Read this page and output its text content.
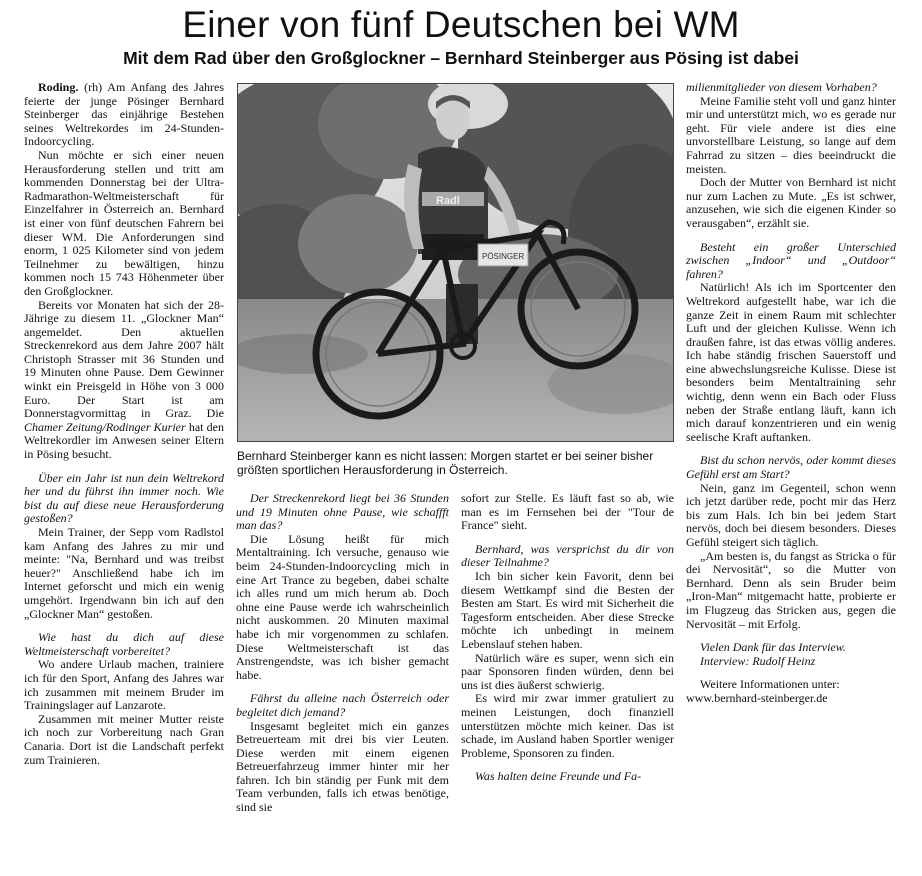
Einer von fünf Deutschen bei WM
Mit dem Rad über den Großglockner – Bernhard Steinberger aus Pösing ist dabei

Roding. (rh) Am Anfang des Jahres feierte der junge Pösinger Bernhard Steinberger das einjährige Bestehen seines Weltrekordes im 24-Stunden-Indoorcycling.

Nun möchte er sich einer neuen Herausforderung stellen und tritt am kommenden Donnerstag bei der Ultra-Radmarathon-Weltmeisterschaft für Einzelfahrer in Österreich an. Bernhard ist einer von fünf deutschen Fahrern bei dieser WM. Die Anforderungen sind enorm, 1 025 Kilometer sind von jedem Teilnehmer zu bewältigen, hinzu kommen noch 15 743 Höhenmeter über den Großglockner.

Bereits vor Monaten hat sich der 28-Jährige zu diesem 11. „Glockner Man“ angemeldet. Den aktuellen Streckenrekord aus dem Jahre 2007 hält Christoph Strasser mit 36 Stunden und 19 Minuten ohne Pause. Dem Gewinner winkt ein Preisgeld in Höhe von 3 000 Euro. Der Start ist am Donnerstagvormittag in Graz. Die Chamer Zeitung/Rodinger Kurier hat den Weltrekordler im Anwesen seiner Eltern in Pösing besucht.

Über ein Jahr ist nun dein Weltrekord her und du führst ihn immer noch. Wie bist du auf diese neue Herausforderung gestoßen?

Mein Trainer, der Sepp vom Radlstol kam Anfang des Jahres zu mir und meinte: "Na, Bernhard und was treibst heuer?" Anschließend habe ich im Internet geforscht und mich ein wenig umgehört. Irgendwann bin ich auf den „Glockner Man“ gestoßen.

Wie hast du dich auf diese Weltmeisterschaft vorbereitet?

Wo andere Urlaub machen, trainiere ich für den Sport, Anfang des Jahres war ich zusammen mit meinem Bruder im Trainingslager auf Lanzarote.

Zusammen mit meiner Mutter reiste ich noch zur Vorbereitung nach Gran Canaria. Dort ist die Landschaft perfekt zum Trainieren.

Radl
PÖSINGER
Bernhard Steinberger kann es nicht lassen: Morgen startet er bei seiner bisher größten sportlichen Herausforderung in Österreich.

Der Streckenrekord liegt bei 36 Stunden und 19 Minuten ohne Pause, wie schaffft man das?

Die Lösung heißt für mich Mentaltraining. Ich versuche, genauso wie beim 24-Stunden-Indoorcycling mich in eine Art Trance zu begeben, dabei schalte ich alles rund um mich herum ab. Doch ohne eine Pause werde ich wahrscheinlich nicht auskommen. 20 Minuten maximal habe ich mir vorgenommen zu schlafen. Diese Weltmeisterschaft ist das Anstrengendste, was ich bisher gemacht habe.

Fährst du alleine nach Österreich oder begleitet dich jemand?

Insgesamt begleitet mich ein ganzes Betreuerteam mit drei bis vier Leuten. Diese werden mit einem eigenen Betreuerfahrzeug immer hinter mir her fahren. Ich bin ständig per Funk mit dem Team verbunden, falls ich etwas benötige, sind sie

sofort zur Stelle. Es läuft fast so ab, wie man es im Fernsehen bei der "Tour de France" sieht.

Bernhard, was versprichst du dir von dieser Teilnahme?

Ich bin sicher kein Favorit, denn bei diesem Wettkampf sind die Besten der Besten am Start. Es wird mit Sicherheit die Tagesform entscheiden. Aber diese Strecke möchte ich unbedingt in meinem Lebenslauf stehen haben.

Natürlich wäre es super, wenn sich ein paar Sponsoren finden würden, denn bei uns ist dies äußerst schwierig.

Es wird mir zwar immer gratuliert zu meinen Leistungen, doch finanziell unterstützen möchte mich keiner. Das ist schade, im Ausland haben Sportler weniger Probleme, Sponsoren zu finden.

Was halten deine Freunde und Fa-

milienmitglieder von diesem Vorhaben?

Meine Familie steht voll und ganz hinter mir und unterstützt mich, wo es gerade nur geht. Für viele andere ist dies eine unvorstellbare Leistung, so lange auf dem Fahrrad zu sitzen – dies beeindruckt die meisten.

Doch der Mutter von Bernhard ist nicht nur zum Lachen zu Mute. „Es ist schwer, anzusehen, wie sich die eigenen Kinder so verausgaben“, erzählt sie.

Besteht ein großer Unterschied zwischen „Indoor“ und „Outdoor“ fahren?

Natürlich! Als ich im Sportcenter den Weltrekord aufgestellt habe, war ich die ganze Zeit in einem Raum mit schlechter Luft und der gleichen Kulisse. Wenn ich draußen fahre, ist das etwas völlig anderes. Ich habe ständig frischen Sauerstoff und eine abwechslungsreiche Kulisse. Diese ist besonders beim Mentaltraining sehr wichtig, denn wenn ein Bach oder Fluss neben der Straße entlang läuft, kann ich mich darauf konzentrieren und ein wenig seelische Kraft auftanken.

Bist du schon nervös, oder kommt dieses Gefühl erst am Start?

Nein, ganz im Gegenteil, schon wenn ich jetzt darüber rede, pocht mir das Herz bis zum Hals. Ich bin bei jedem Start nervös, doch bei diesem besonders. Dieses Gefühl steigert sich täglich.

„Am besten is, du fangst as Stricka o für dei Nervosität“, so die Mutter von Bernhard. Denn als sein Bruder beim „Iron-Man“ mitgemacht hatte, probierte er im Flugzeug das Stricken aus, gegen die Nervosität – mit Erfolg.

Vielen Dank für das Interview.

Interview: Rudolf Heinz

Weitere Informationen unter:

www.bernhard-steinberger.de
